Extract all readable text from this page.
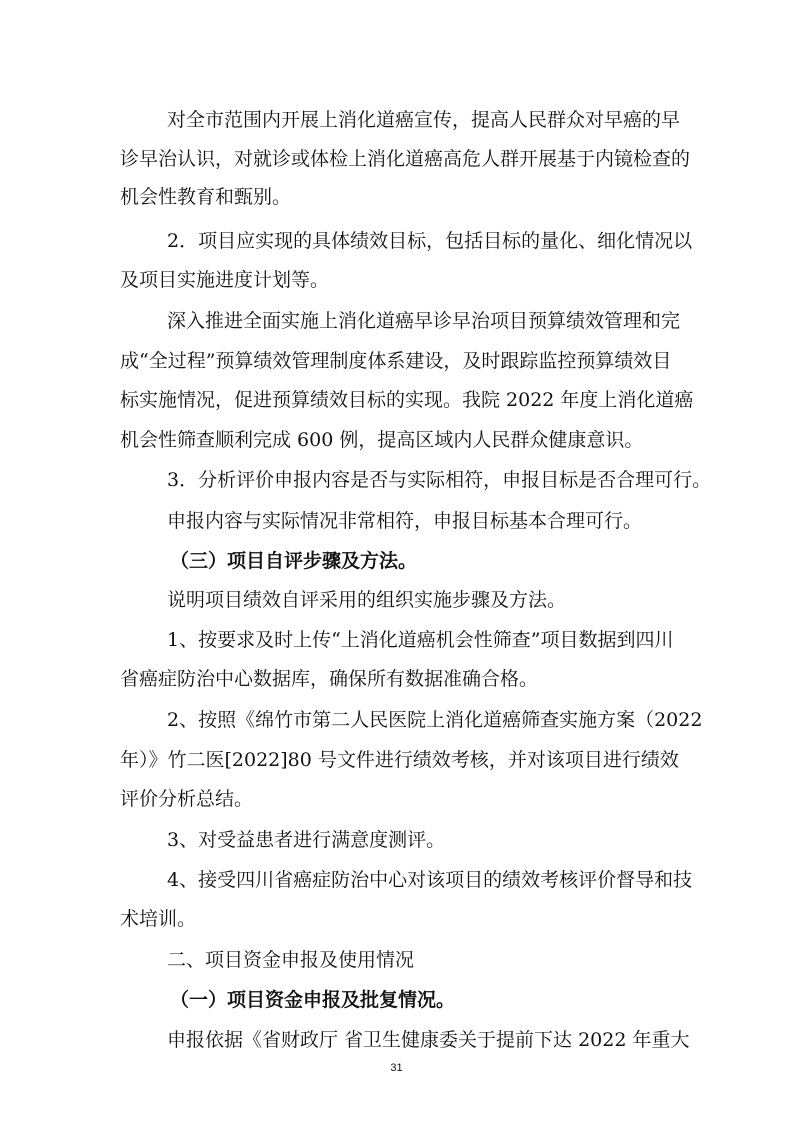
对全市范围内开展上消化道癌宣传，提高人民群众对早癌的早
诊早治认识，对就诊或体检上消化道癌高危人群开展基于内镜检查的
机会性教育和甄别。
2．项目应实现的具体绩效目标，包括目标的量化、细化情况以
及项目实施进度计划等。
深入推进全面实施上消化道癌早诊早治项目预算绩效管理和完
成“全过程”预算绩效管理制度体系建设，及时跟踪监控预算绩效目
标实施情况，促进预算绩效目标的实现。我院 2022 年度上消化道癌
机会性筛查顺利完成 600 例，提高区域内人民群众健康意识。
3．分析评价申报内容是否与实际相符，申报目标是否合理可行。
申报内容与实际情况非常相符，申报目标基本合理可行。
（三）项目自评步骤及方法。
说明项目绩效自评采用的组织实施步骤及方法。
1、按要求及时上传“上消化道癌机会性筛查”项目数据到四川
省癌症防治中心数据库，确保所有数据准确合格。
2、按照《绵竹市第二人民医院上消化道癌筛查实施方案（2022
年）》竹二医[2022]80 号文件进行绩效考核，并对该项目进行绩效
评价分析总结。
3、对受益患者进行满意度测评。
4、接受四川省癌症防治中心对该项目的绩效考核评价督导和技
术培训。
二、项目资金申报及使用情况
（一）项目资金申报及批复情况。
申报依据《省财政厅 省卫生健康委关于提前下达 2022 年重大
31
